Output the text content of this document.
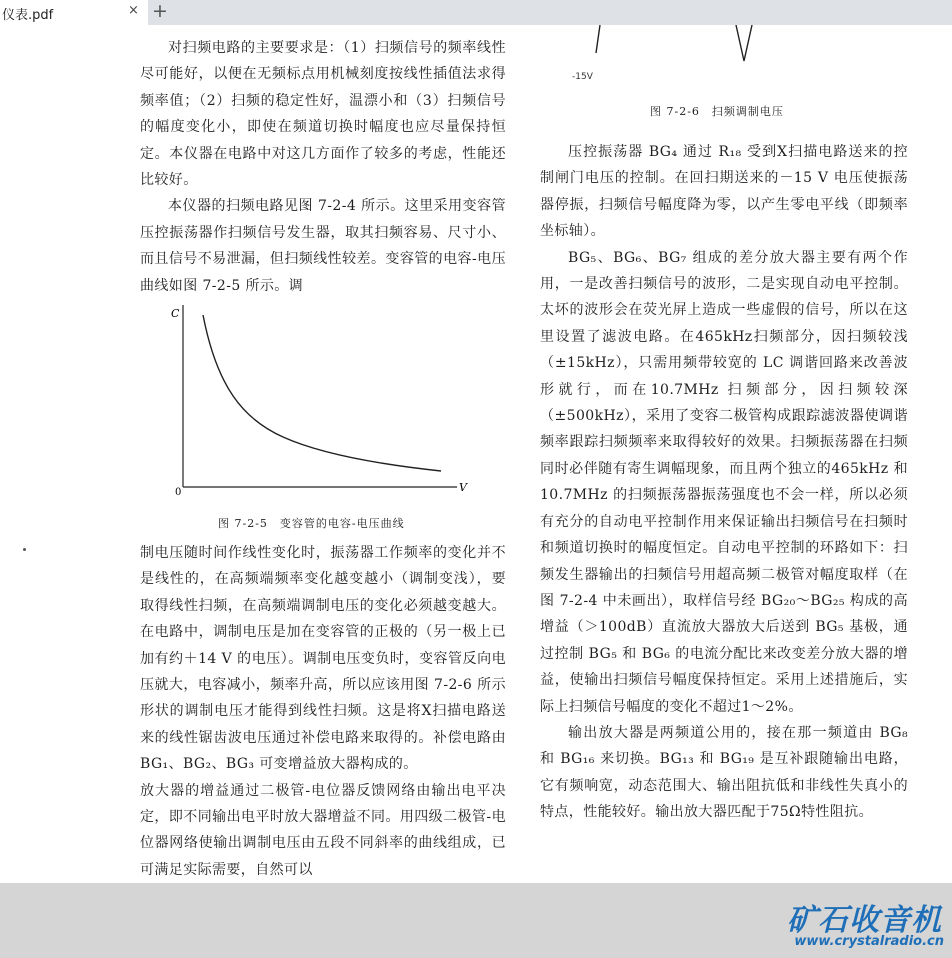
仪表.pdf	× +
-15V
图 7-2-6　扫频调制电压

对扫频电路的主要要求是：（1）扫频信号的频率线性尽可能好，以便在无频标点用机械刻度按线性插值法求得频率值；（2）扫频的稳定性好，温漂小和（3）扫频信号的幅度变化小，即使在频道切换时幅度也应尽量保持恒定。本仪器在电路中对这几方面作了较多的考虑，性能还比较好。

本仪器的扫频电路见图 7-2-4 所示。这里采用变容管压控振荡器作扫频信号发生器，取其扫频容易、尺寸小、而且信号不易泄漏，但扫频线性较差。变容管的电容-电压曲线如图 7-2-5 所示。调

C
V
0
图 7-2-5　变容管的电容-电压曲线

制电压随时间作线性变化时，振荡器工作频率的变化并不是线性的，在高频端频率变化越变越小（调制变浅），要取得线性扫频，在高频端调制电压的变化必须越变越大。在电路中，调制电压是加在变容管的正极的（另一极上已加有约＋14 V 的电压）。调制电压变负时，变容管反向电压就大，电容减小，频率升高，所以应该用图 7-2-6 所示形状的调制电压才能得到线性扫频。这是将X扫描电路送来的线性锯齿波电压通过补偿电路来取得的。补偿电路由 BG₁、BG₂、BG₃ 可变增益放大器构成的。

放大器的增益通过二极管-电位器反馈网络由输出电平决定，即不同输出电平时放大器增益不同。用四级二极管-电位器网络使输出调制电压由五段不同斜率的曲线组成，已可满足实际需要，自然可以

压控振荡器 BG₄ 通过 R₁₈ 受到X扫描电路送来的控制闸门电压的控制。在回扫期送来的－15 V 电压使振荡器停振，扫频信号幅度降为零，以产生零电平线（即频率坐标轴）。

BG₅、BG₆、BG₇ 组成的差分放大器主要有两个作用，一是改善扫频信号的波形，二是实现自动电平控制。太坏的波形会在荧光屏上造成一些虚假的信号，所以在这里设置了滤波电路。在465kHz扫频部分，因扫频较浅（±15kHz），只需用频带较宽的 LC 调谐回路来改善波形就行，而在10.7MHz 扫频部分，因扫频较深（±500kHz），采用了变容二极管构成跟踪滤波器使调谐频率跟踪扫频频率来取得较好的效果。扫频振荡器在扫频同时必伴随有寄生调幅现象，而且两个独立的465kHz 和 10.7MHz 的扫频振荡器振荡强度也不会一样，所以必须有充分的自动电平控制作用来保证输出扫频信号在扫频时和频道切换时的幅度恒定。自动电平控制的环路如下：扫频发生器输出的扫频信号用超高频二极管对幅度取样（在图 7-2-4 中未画出），取样信号经 BG₂₀～BG₂₅ 构成的高增益（＞100dB）直流放大器放大后送到 BG₅ 基极，通过控制 BG₅ 和 BG₆ 的电流分配比来改变差分放大器的增益，使输出扫频信号幅度保持恒定。采用上述措施后，实际上扫频信号幅度的变化不超过1～2%。

输出放大器是两频道公用的，接在那一频道由 BG₈ 和 BG₁₆ 来切换。BG₁₃ 和 BG₁₉ 是互补跟随输出电路，它有频响宽，动态范围大、输出阻抗低和非线性失真小的特点，性能较好。输出放大器匹配于75Ω特性阻抗。

矿石收音机
www.crystalradio.cn
